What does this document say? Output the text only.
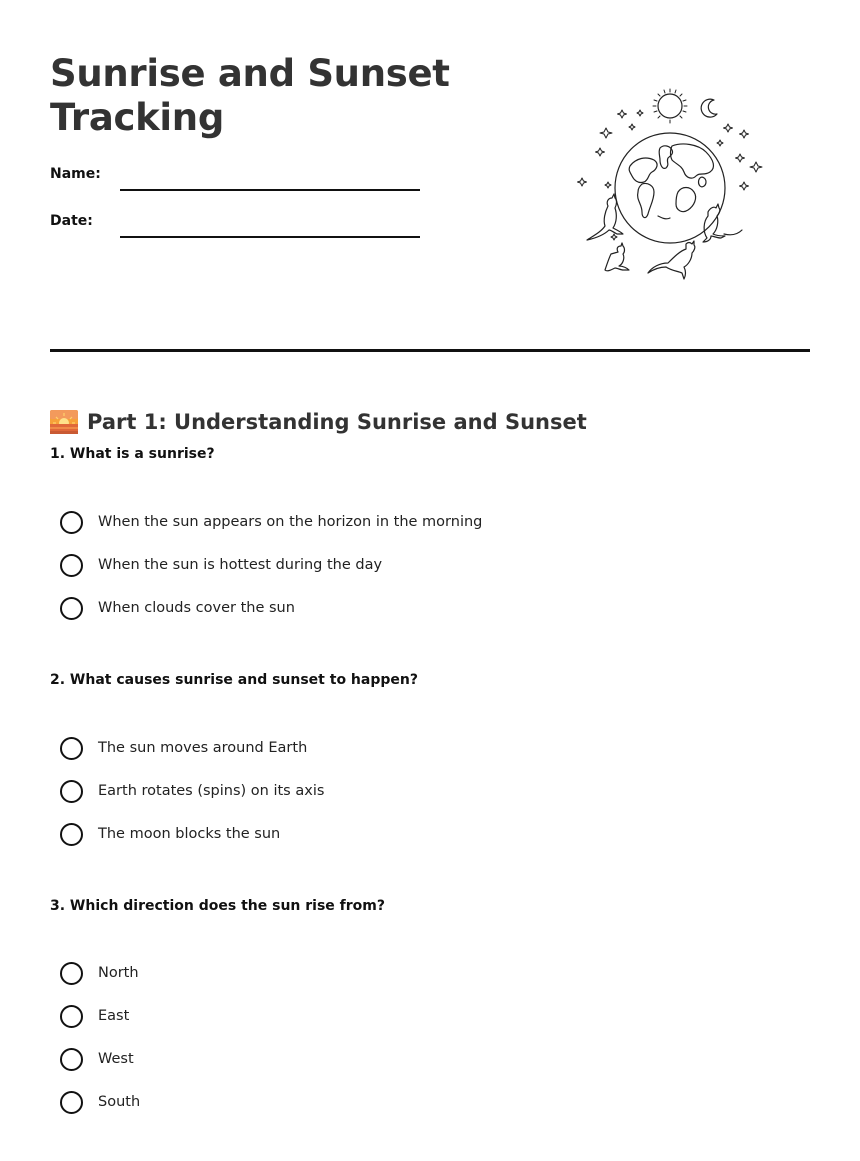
Sunrise and Sunset Tracking
Name:
Date:
Part 1: Understanding Sunrise and Sunset
1. What is a sunrise?
When the sun appears on the horizon in the morning
When the sun is hottest during the day
When clouds cover the sun
2. What causes sunrise and sunset to happen?
The sun moves around Earth
Earth rotates (spins) on its axis
The moon blocks the sun
3. Which direction does the sun rise from?
North
East
West
South
